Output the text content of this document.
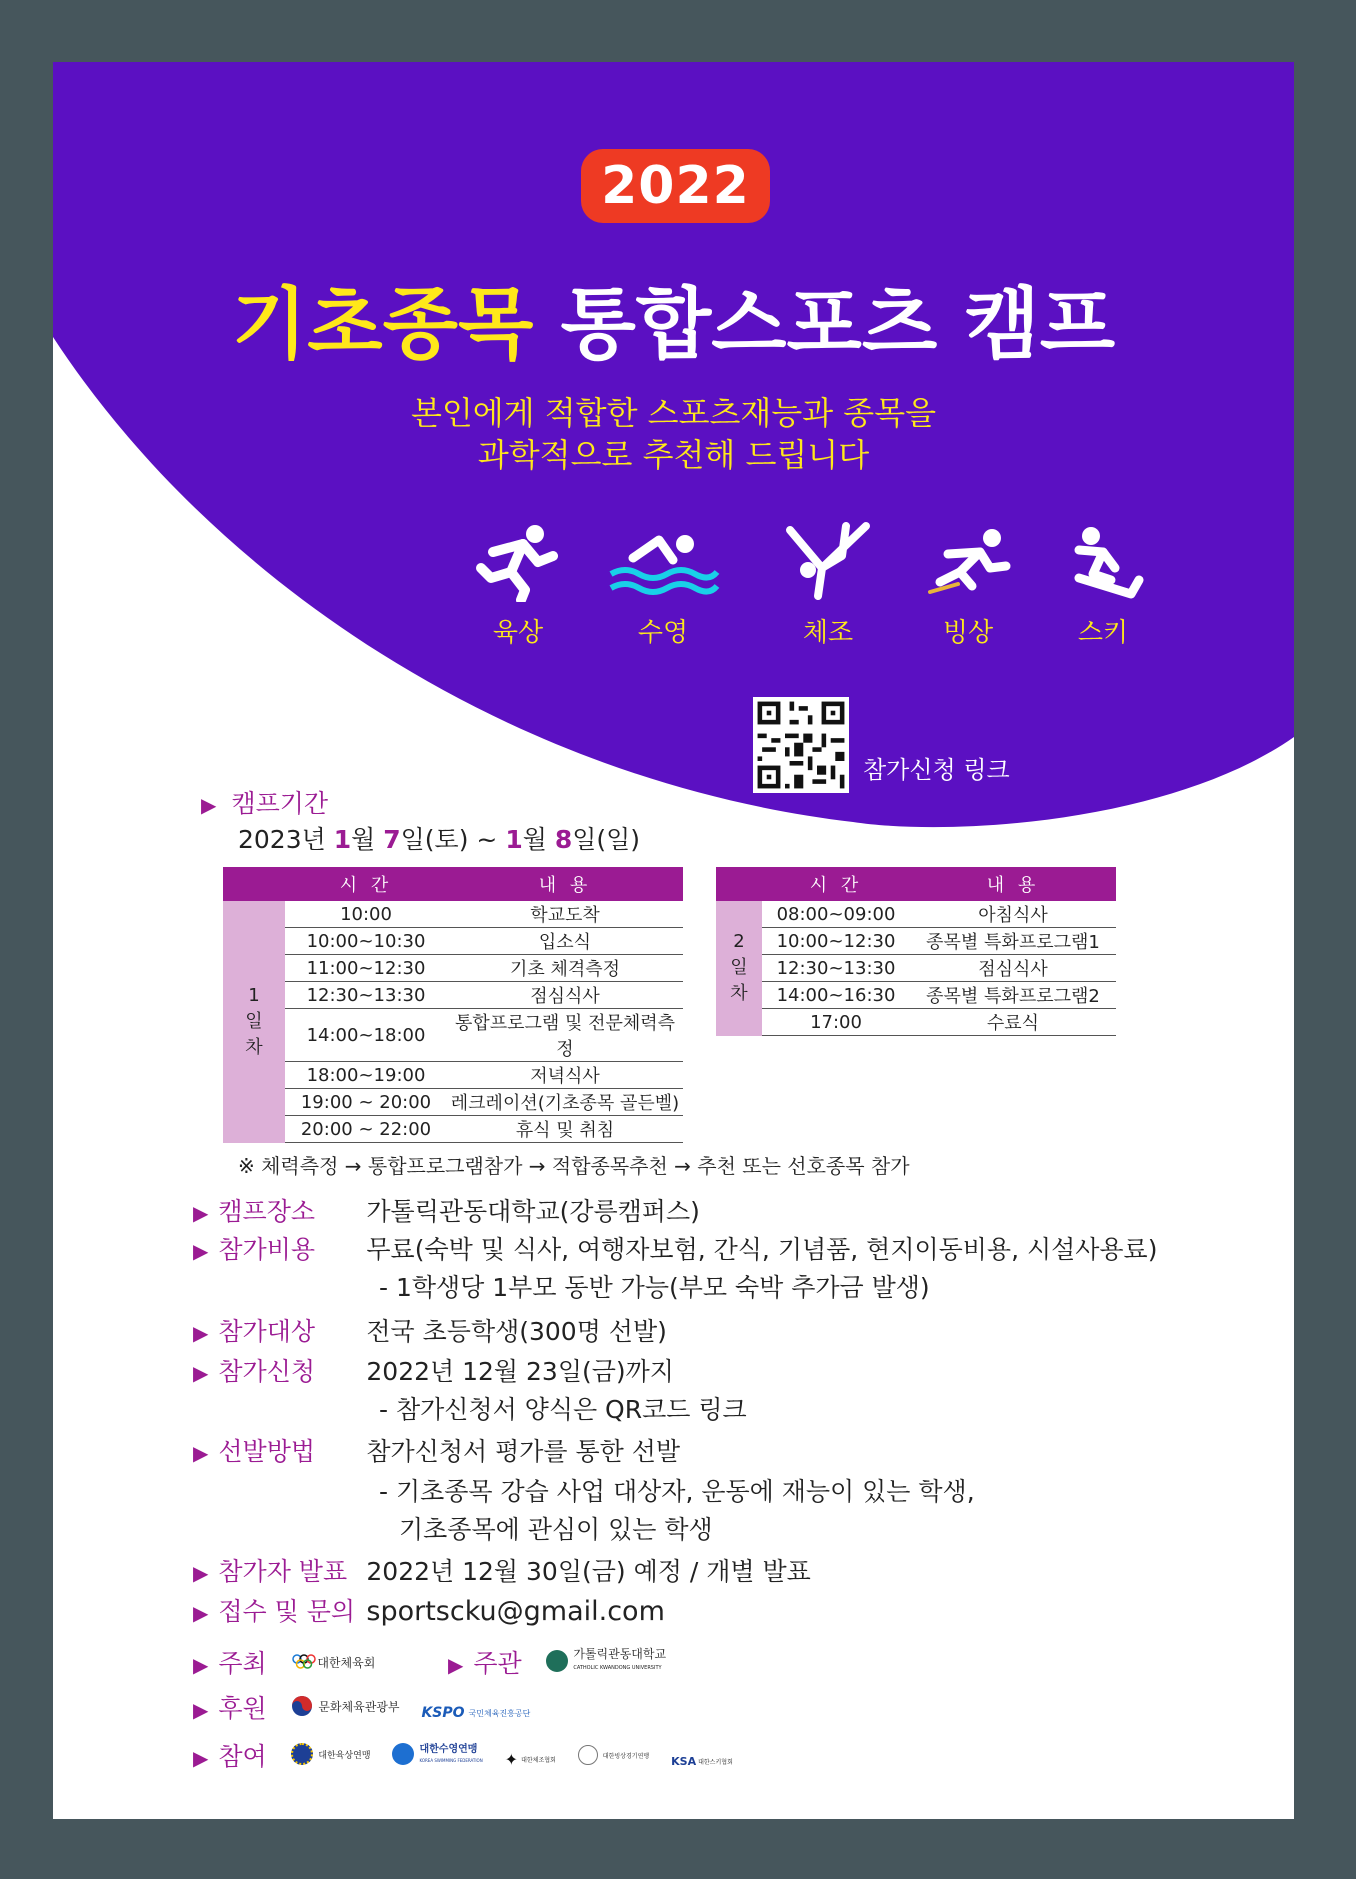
2022
기초종목 통합스포츠 캠프
본인에게 적합한 스포츠재능과 종목을
과학적으로 추천해 드립니다
육상	수영	체조	빙상	스키
참가신청 링크
▶ 캠프기간
2023년 1월 7일(토) ~ 1월 8일(일)
	시 간	내 용

1
일
차	10:00	학교도착
	10:00~10:30	입소식
	11:00~12:30	기초 체격측정
	12:30~13:30	점심식사
	14:00~18:00	통합프로그램 및 전문체력측정
	18:00~19:00	저녁식사
	19:00 ~ 20:00	레크레이션(기초종목 골든벨)
	20:00 ~ 22:00	휴식 및 취침
	시 간	내 용

2
일
차	08:00~09:00	아침식사
	10:00~12:30	종목별 특화프로그램1
	12:30~13:30	점심식사
	14:00~16:30	종목별 특화프로그램2
	17:00	수료식
※ 체력측정 → 통합프로그램참가 → 적합종목추천 → 추천 또는 선호종목 참가
▶ 캠프장소 가톨릭관동대학교(강릉캠퍼스)
▶ 참가비용 무료(숙박 및 식사, 여행자보험, 간식, 기념품, 현지이동비용, 시설사용료)
- 1학생당 1부모 동반 가능(부모 숙박 추가금 발생)
▶ 참가대상 전국 초등학생(300명 선발)
▶ 참가신청 2022년 12월 23일(금)까지
- 참가신청서 양식은 QR코드 링크
▶ 선발방법 참가신청서 평가를 통한 선발
- 기초종목 강습 사업 대상자, 운동에 재능이 있는 학생,
기초종목에 관심이 있는 학생
▶ 참가자 발표 2022년 12월 30일(금) 예정 / 개별 발표
▶ 접수 및 문의 sportscku@gmail.com
▶ 주최	대한체육회	▶ 주관	가톨릭관동대학교
CATHOLIC KWANDONG UNIVERSITY
▶ 후원	문화체육관광부
KSPO 국민체육진흥공단
▶ 참여	대한육상연맹

대한수영연맹
KOREA SWIMMING FEDERATION
✦ 대한체조협회

대한빙상경기연맹
KSA 대한스키협회
